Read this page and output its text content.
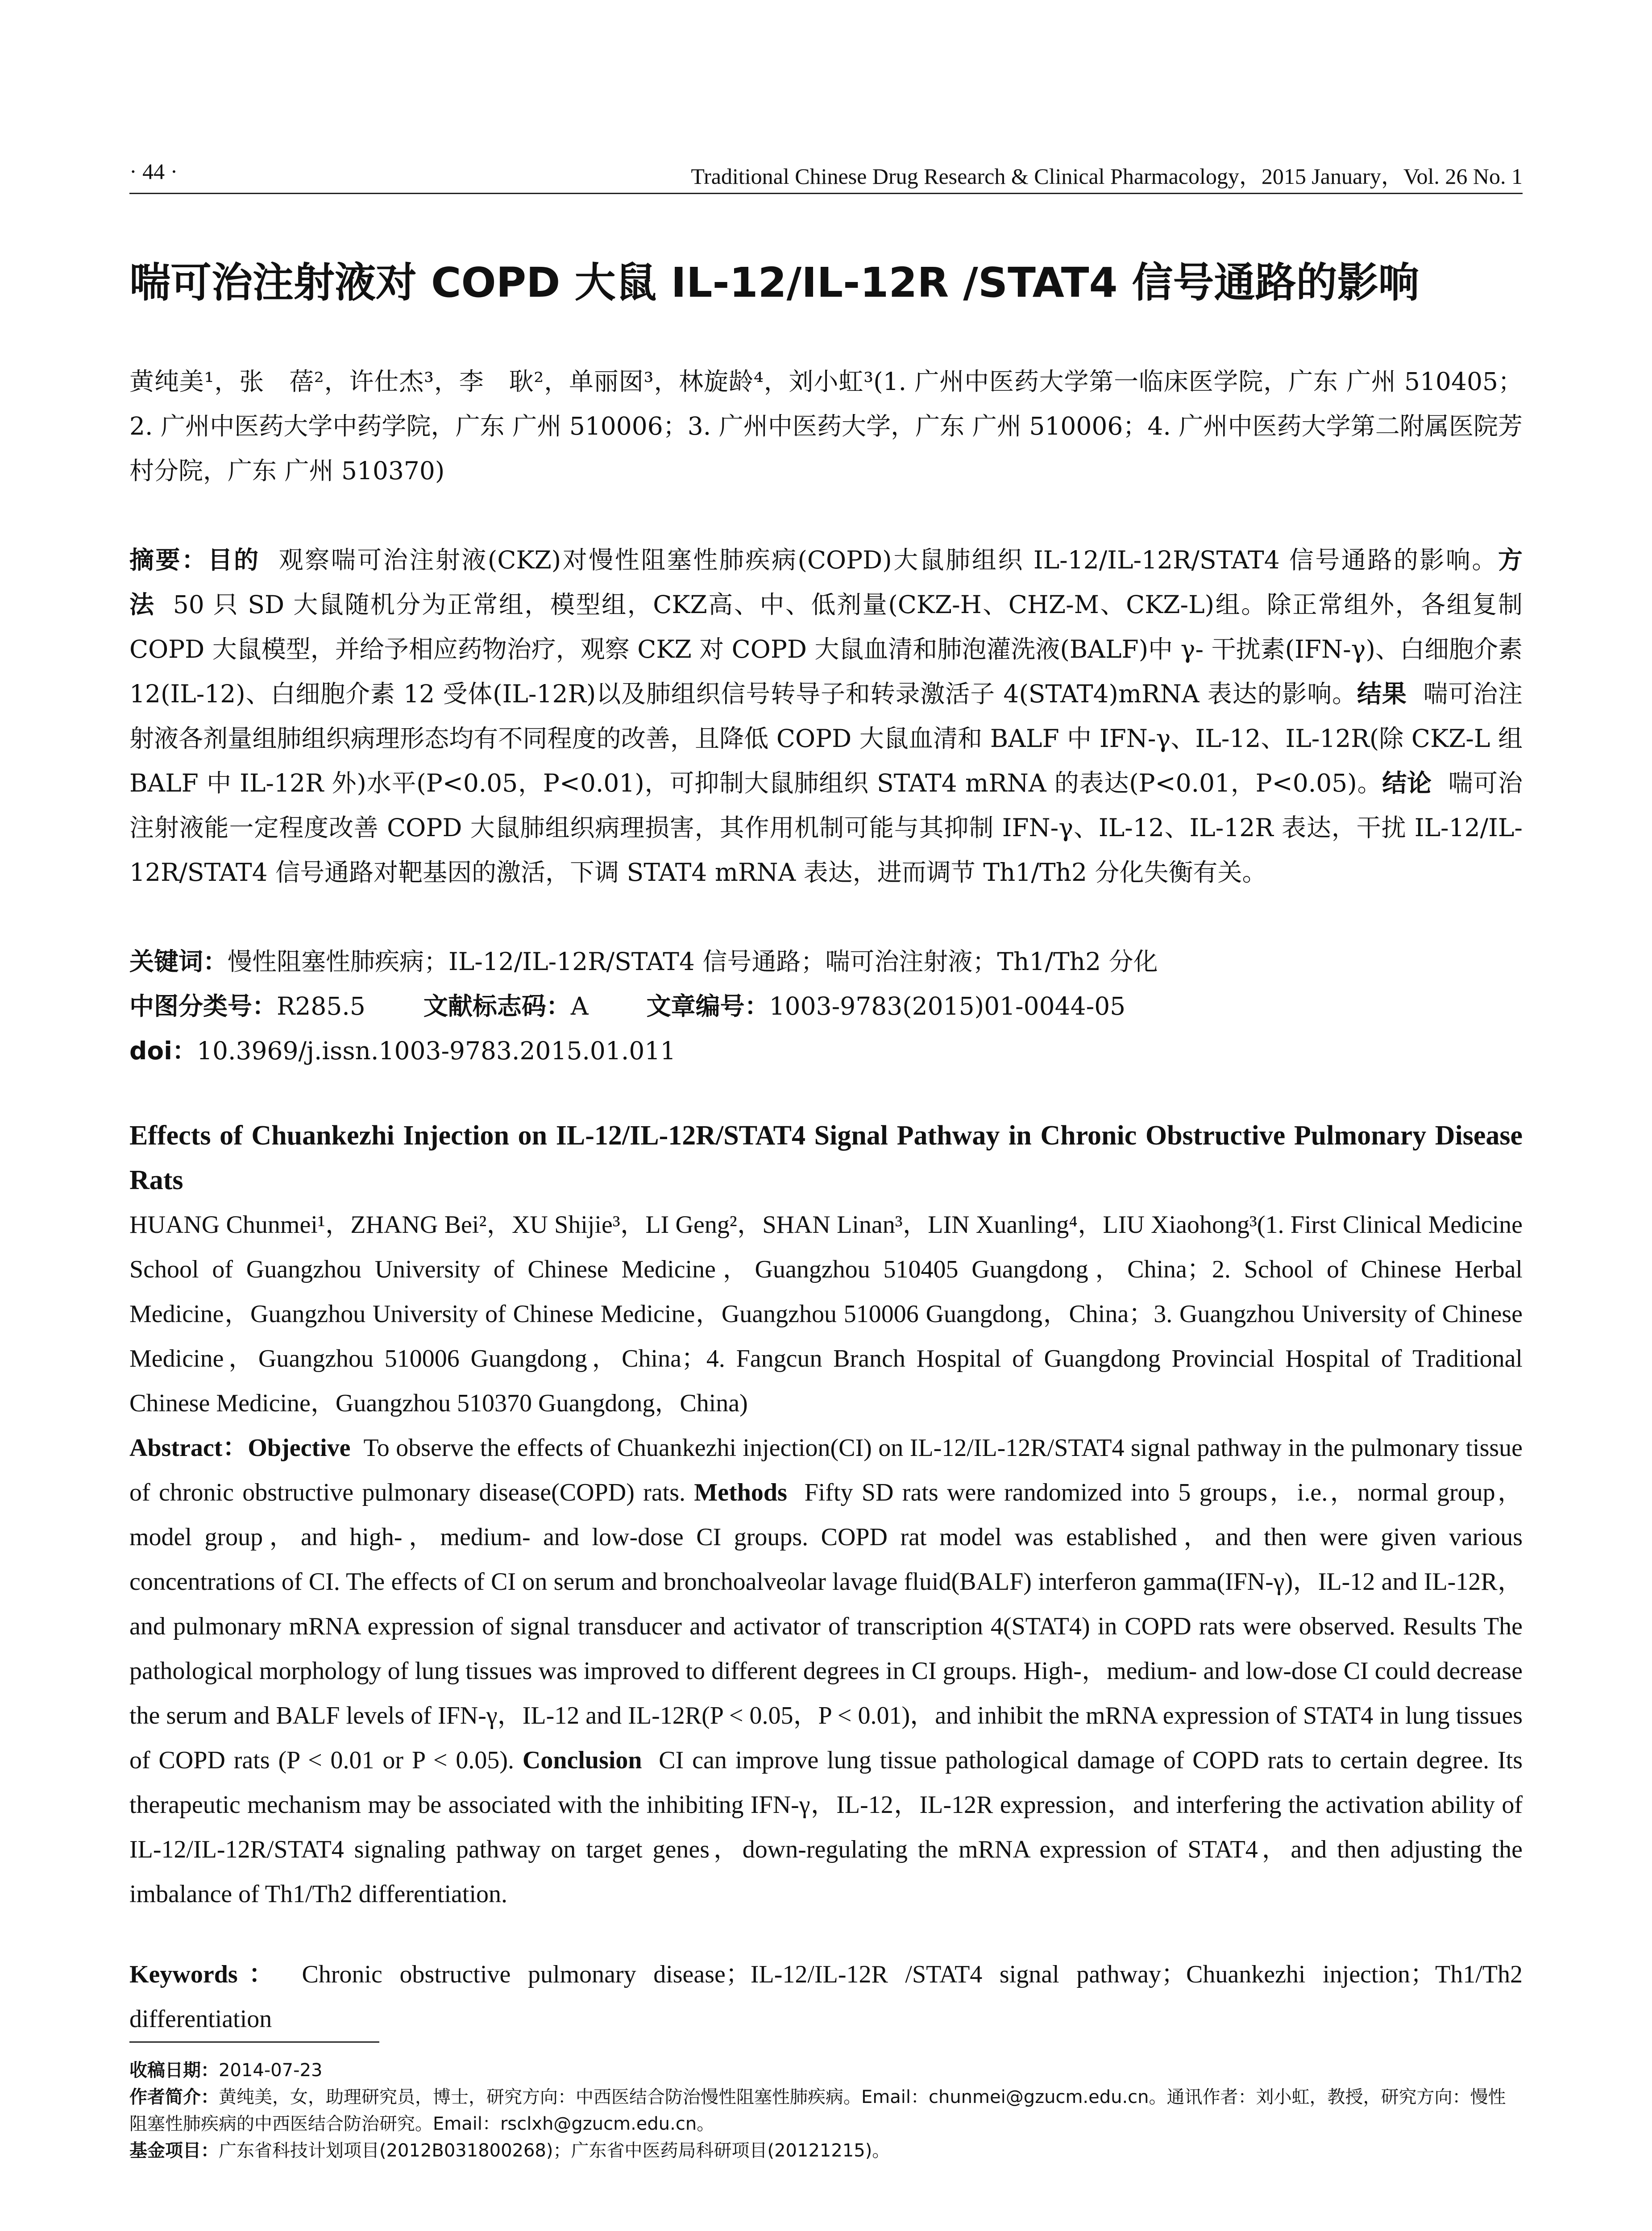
· 44 ·	Traditional Chinese Drug Research & Clinical Pharmacology，2015 January，Vol. 26 No. 1
喘可治注射液对 COPD 大鼠 IL-12/IL-12R /STAT4 信号通路的影响
黄纯美¹，张　蓓²，许仕杰³，李　耿²，单丽囡³，林旋龄⁴，刘小虹³(1. 广州中医药大学第一临床医学院，广东 广州 510405；2. 广州中医药大学中药学院，广东 广州 510006；3. 广州中医药大学，广东 广州 510006；4. 广州中医药大学第二附属医院芳村分院，广东 广州 510370)
摘要：目的 观察喘可治注射液(CKZ)对慢性阻塞性肺疾病(COPD)大鼠肺组织 IL-12/IL-12R/STAT4 信号通路的影响。方法 50 只 SD 大鼠随机分为正常组，模型组，CKZ高、中、低剂量(CKZ-H、CHZ-M、CKZ-L)组。除正常组外，各组复制 COPD 大鼠模型，并给予相应药物治疗，观察 CKZ 对 COPD 大鼠血清和肺泡灌洗液(BALF)中 γ- 干扰素(IFN-γ)、白细胞介素 12(IL-12)、白细胞介素 12 受体(IL-12R)以及肺组织信号转导子和转录激活子 4(STAT4)mRNA 表达的影响。结果 喘可治注射液各剂量组肺组织病理形态均有不同程度的改善，且降低 COPD 大鼠血清和 BALF 中 IFN-γ、IL-12、IL-12R(除 CKZ-L 组 BALF 中 IL-12R 外)水平(P<0.05，P<0.01)，可抑制大鼠肺组织 STAT4 mRNA 的表达(P<0.01，P<0.05)。结论 喘可治注射液能一定程度改善 COPD 大鼠肺组织病理损害，其作用机制可能与其抑制 IFN-γ、IL-12、IL-12R 表达，干扰 IL-12/IL-12R/STAT4 信号通路对靶基因的激活，下调 STAT4 mRNA 表达，进而调节 Th1/Th2 分化失衡有关。
关键词：慢性阻塞性肺疾病；IL-12/IL-12R/STAT4 信号通路；喘可治注射液；Th1/Th2 分化
中图分类号：R285.5 文献标志码：A 文章编号：1003-9783(2015)01-0044-05
doi：10.3969/j.issn.1003-9783.2015.01.011
Effects of Chuankezhi Injection on IL-12/IL-12R/STAT4 Signal Pathway in Chronic Obstructive Pulmonary Disease Rats
HUANG Chunmei¹，ZHANG Bei²，XU Shijie³，LI Geng²，SHAN Linan³，LIN Xuanling⁴，LIU Xiaohong³(1. First Clinical Medicine School of Guangzhou University of Chinese Medicine，Guangzhou 510405 Guangdong，China；2. School of Chinese Herbal Medicine，Guangzhou University of Chinese Medicine，Guangzhou 510006 Guangdong，China；3. Guangzhou University of Chinese Medicine，Guangzhou 510006 Guangdong，China；4. Fangcun Branch Hospital of Guangdong Provincial Hospital of Traditional Chinese Medicine，Guangzhou 510370 Guangdong，China)
Abstract：Objective To observe the effects of Chuankezhi injection(CI) on IL-12/IL-12R/STAT4 signal pathway in the pulmonary tissue of chronic obstructive pulmonary disease(COPD) rats. Methods Fifty SD rats were randomized into 5 groups，i.e.，normal group，model group，and high-，medium- and low-dose CI groups. COPD rat model was established，and then were given various concentrations of CI. The effects of CI on serum and bronchoalveolar lavage fluid(BALF) interferon gamma(IFN-γ)，IL-12 and IL-12R，and pulmonary mRNA expression of signal transducer and activator of transcription 4(STAT4) in COPD rats were observed. Results The pathological morphology of lung tissues was improved to different degrees in CI groups. High-，medium- and low-dose CI could decrease the serum and BALF levels of IFN-γ，IL-12 and IL-12R(P < 0.05，P < 0.01)，and inhibit the mRNA expression of STAT4 in lung tissues of COPD rats (P < 0.01 or P < 0.05). Conclusion CI can improve lung tissue pathological damage of COPD rats to certain degree. Its therapeutic mechanism may be associated with the inhibiting IFN-γ，IL-12，IL-12R expression，and interfering the activation ability of IL-12/IL-12R/STAT4 signaling pathway on target genes，down-regulating the mRNA expression of STAT4，and then adjusting the imbalance of Th1/Th2 differentiation.
Keywords： Chronic obstructive pulmonary disease；IL-12/IL-12R /STAT4 signal pathway；Chuankezhi injection；Th1/Th2 differentiation
收稿日期：2014-07-23
作者简介：黄纯美，女，助理研究员，博士，研究方向：中西医结合防治慢性阻塞性肺疾病。Email：chunmei@gzucm.edu.cn。通讯作者：刘小虹，教授，研究方向：慢性阻塞性肺疾病的中西医结合防治研究。Email：rsclxh@gzucm.edu.cn。
基金项目：广东省科技计划项目(2012B031800268)；广东省中医药局科研项目(20121215)。
